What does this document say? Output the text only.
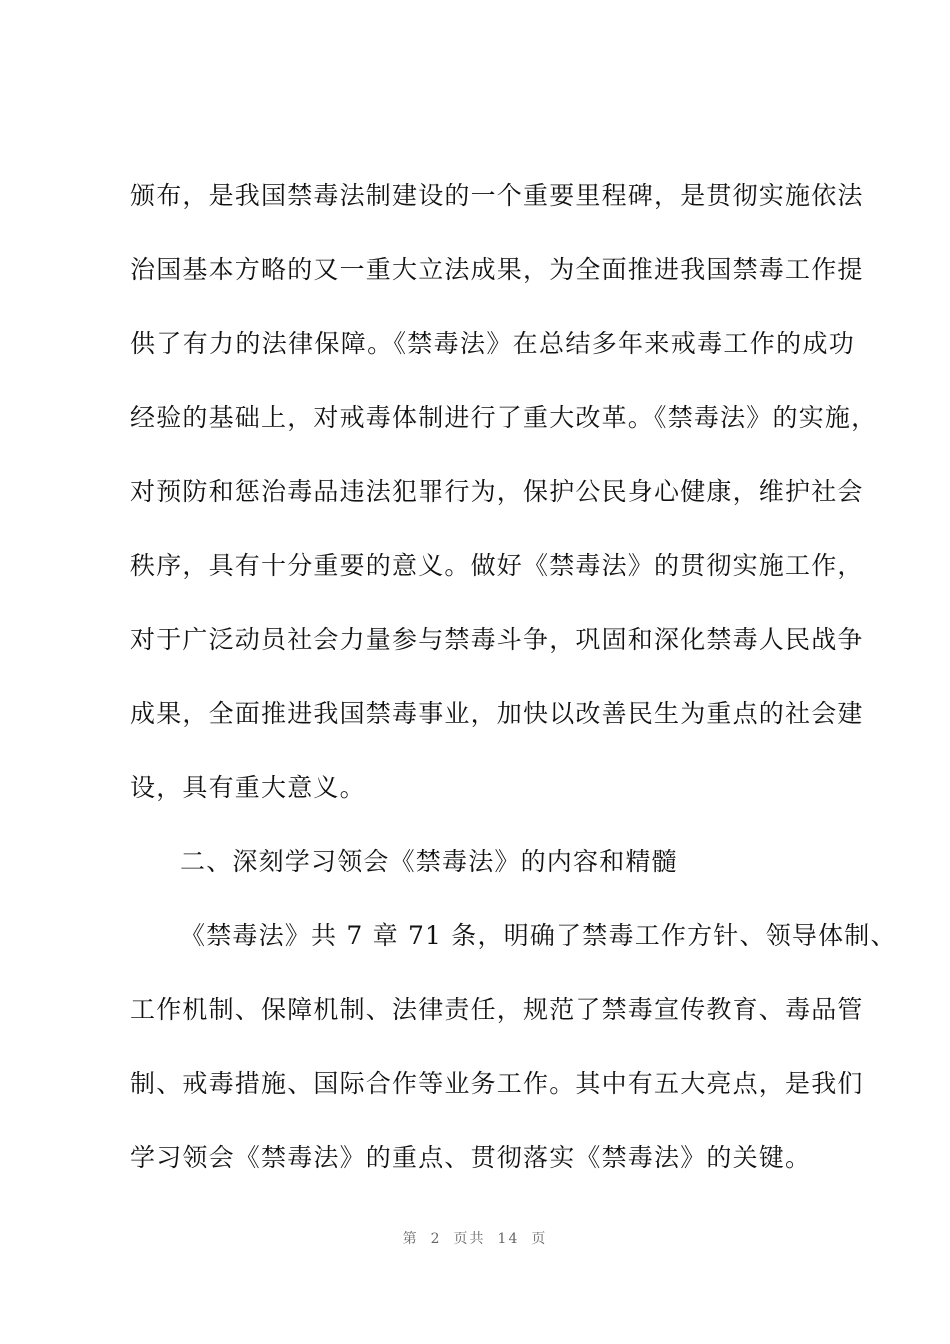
颁布，是我国禁毒法制建设的一个重要里程碑，是贯彻实施依法
治国基本方略的又一重大立法成果，为全面推进我国禁毒工作提
供了有力的法律保障。《禁毒法》在总结多年来戒毒工作的成功
经验的基础上，对戒毒体制进行了重大改革。《禁毒法》的实施，
对预防和惩治毒品违法犯罪行为，保护公民身心健康，维护社会
秩序，具有十分重要的意义。做好《禁毒法》的贯彻实施工作，
对于广泛动员社会力量参与禁毒斗争，巩固和深化禁毒人民战争
成果，全面推进我国禁毒事业，加快以改善民生为重点的社会建
设，具有重大意义。
二、深刻学习领会《禁毒法》的内容和精髓
《禁毒法》共 7 章 71 条，明确了禁毒工作方针、领导体制、
工作机制、保障机制、法律责任，规范了禁毒宣传教育、毒品管
制、戒毒措施、国际合作等业务工作。其中有五大亮点，是我们
学习领会《禁毒法》的重点、贯彻落实《禁毒法》的关键。
第 2 页共 14 页
